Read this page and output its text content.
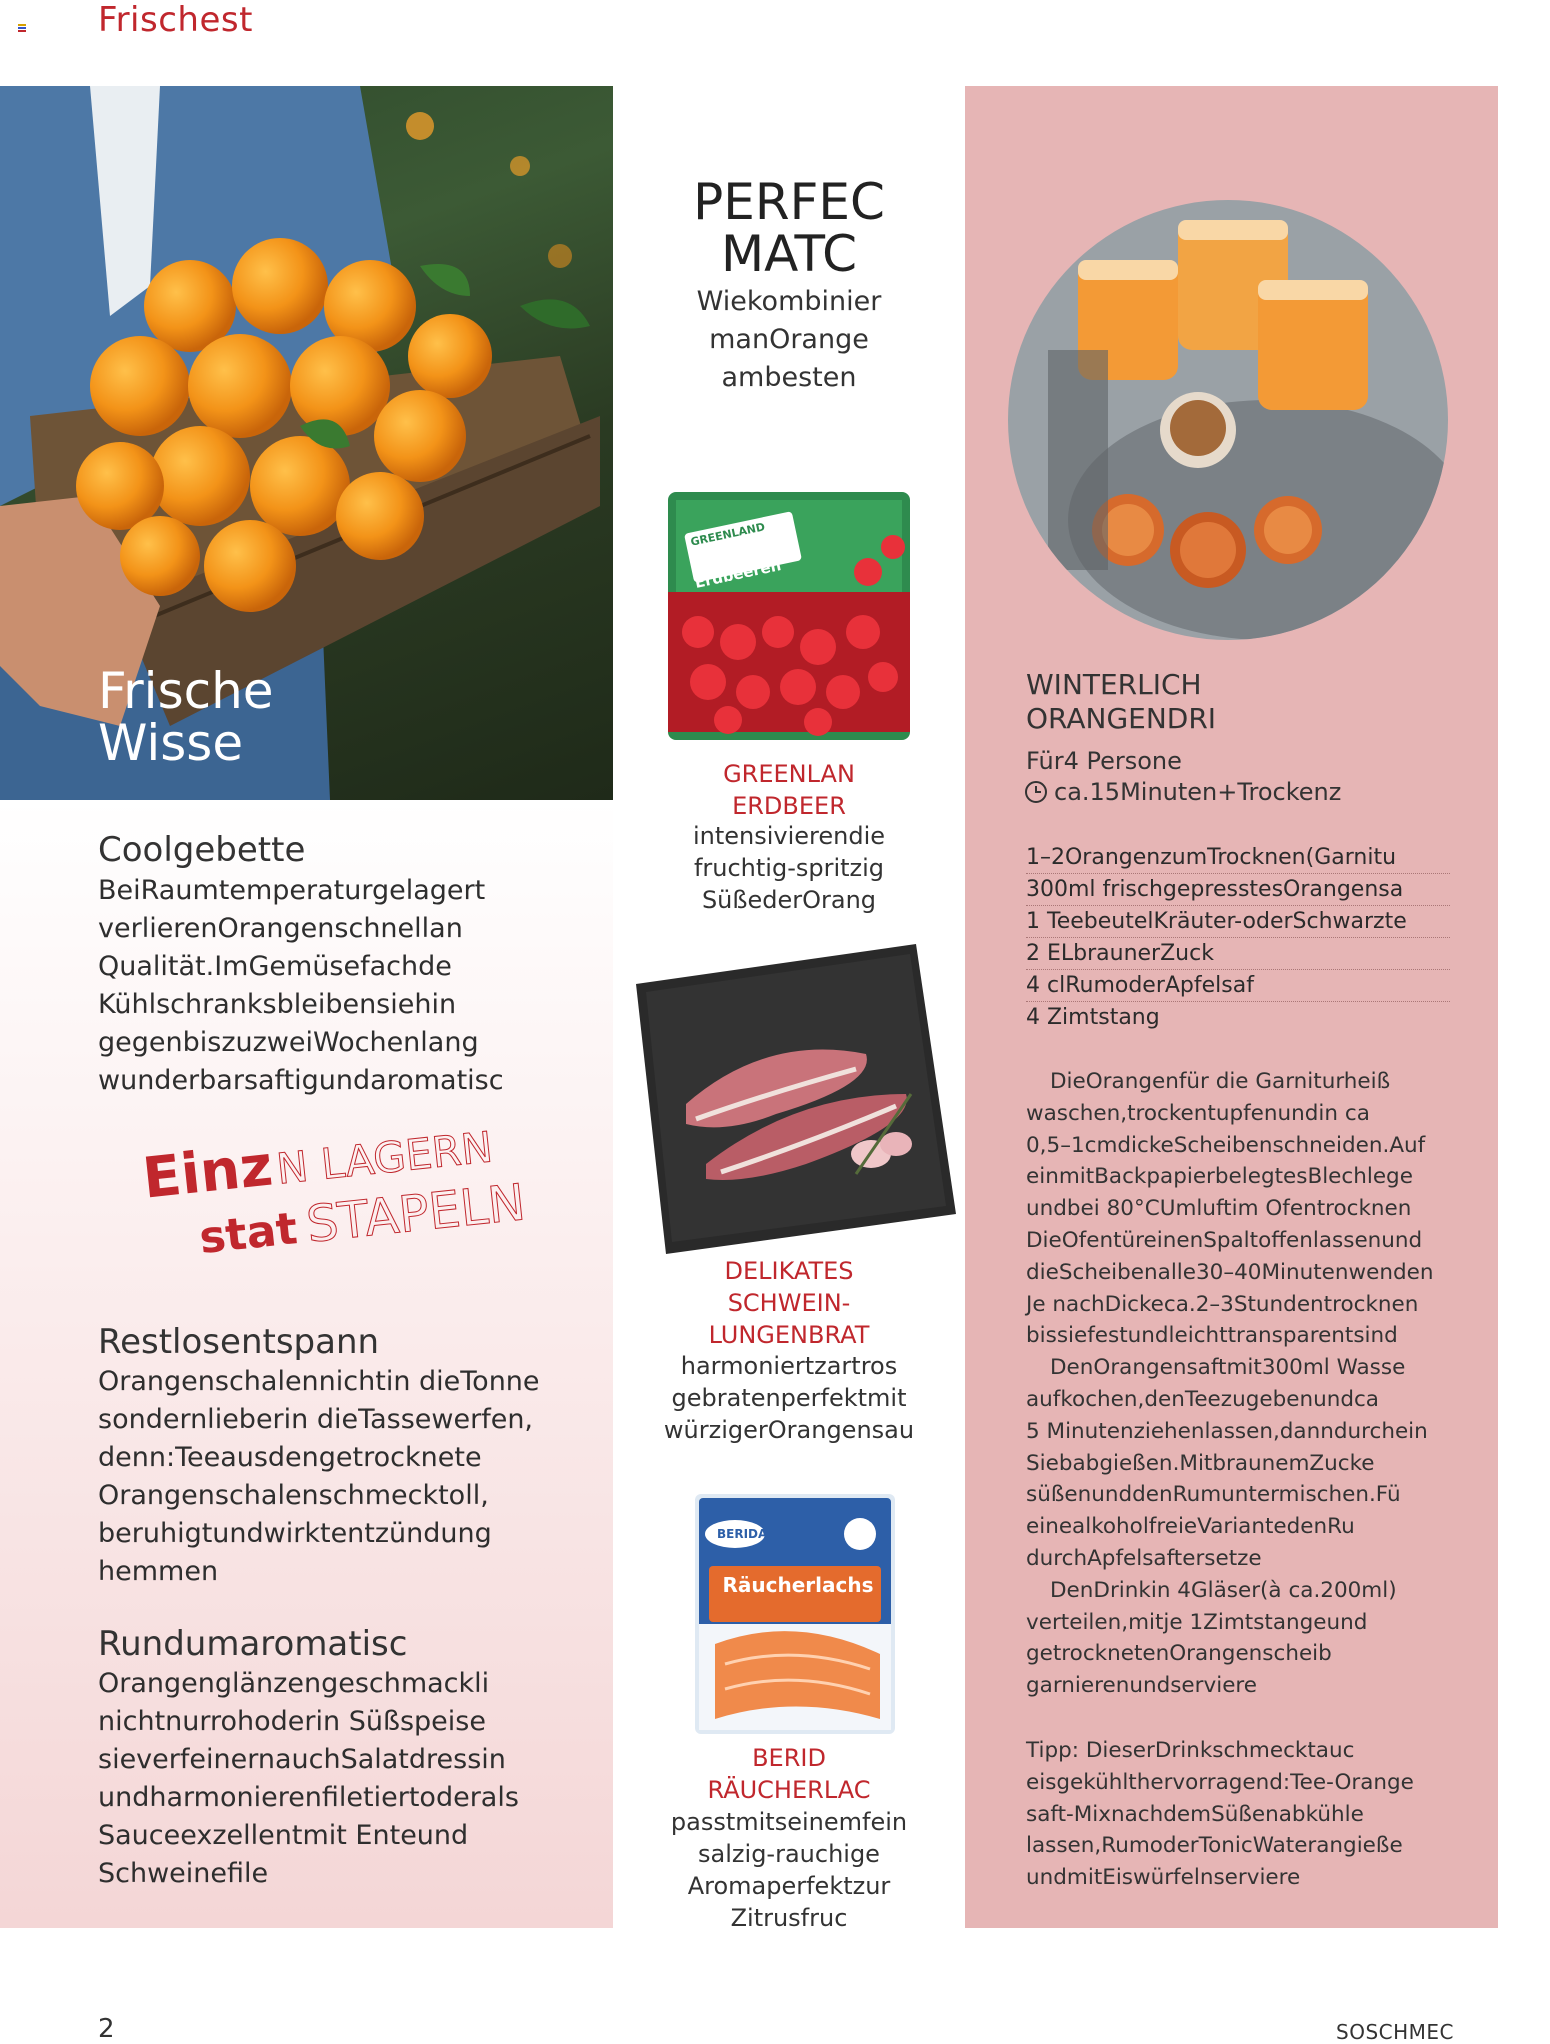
Frischest
Frische
Wisse
Coolgebette
BeiRaumtemperaturgelagert
verlierenOrangenschnellan
Qualität.ImGemüsefachde
Kühlschranksbleibensiehin
gegenbiszuzweiWochenlang
wunderbarsaftigundaromatisc
EinzN LAGERN
statSTAPELN
Restlosentspann
Orangenschalennichtin dieTonne
sondernlieberin dieTassewerfen,
denn:Teeausdengetrocknete
Orangenschalenschmecktoll,
beruhigtundwirktentzündung
hemmen
Rundumaromatisc
Orangenglänzengeschmackli
nichtnurrohoderin Süßspeise
sieverfeinernauchSalatdressin
undharmonierenfiletiertoderals
Sauceexzellentmit Enteund
Schweinefile
PERFEC
MATC
Wiekombinier
manOrange
ambesten
GREENLAND
Erdbeeren
GREENLAN
ERDBEER
intensivierendie
fruchtig-spritzig
SüßederOrang
DELIKATES
SCHWEIN-
LUNGENBRAT
harmoniertzartros
gebratenperfektmit
würzigerOrangensau
BERIDA
Räucherlachs
BERID
RÄUCHERLAC
passtmitseinemfein
salzig-rauchige
Aromaperfektzur
Zitrusfruc
WINTERLICH
ORANGENDRI
Für4 Persone
ca.15Minuten+Trockenz
1–2OrangenzumTrocknen(Garnitu
300ml frischgepresstesOrangensa
1 TeebeutelKräuter-oderSchwarzte
2 ELbraunerZuck
4 clRumoderApfelsaf
4 Zimtstang

DieOrangenfür die Garniturheiß

waschen,trockentupfenundin ca

0,5–1cmdickeScheibenschneiden.Auf

einmitBackpapierbelegtesBlechlege

undbei 80°CUmluftim Ofentrocknen

DieOfentüreinenSpaltoffenlassenund

dieScheibenalle30–40Minutenwenden

Je nachDickeca.2–3Stundentrocknen

bissiefestundleichttransparentsind

DenOrangensaftmit300ml Wasse

aufkochen,denTeezugebenundca

5 Minutenziehenlassen,danndurchein

Siebabgießen.MitbraunemZucke

süßenunddenRumuntermischen.Fü

einealkoholfreieVariantedenRu

durchApfelsaftersetze

DenDrinkin 4Gläser(à ca.200ml)

verteilen,mitje 1Zimtstangeund

getrocknetenOrangenscheib

garnierenundserviere

Tipp: DieserDrinkschmecktauc

eisgekühlthervorragend:Tee-Orange

saft-MixnachdemSüßenabkühle

lassen,RumoderTonicWaterangieße

undmitEiswürfelnserviere

2	SOSCHMEC
